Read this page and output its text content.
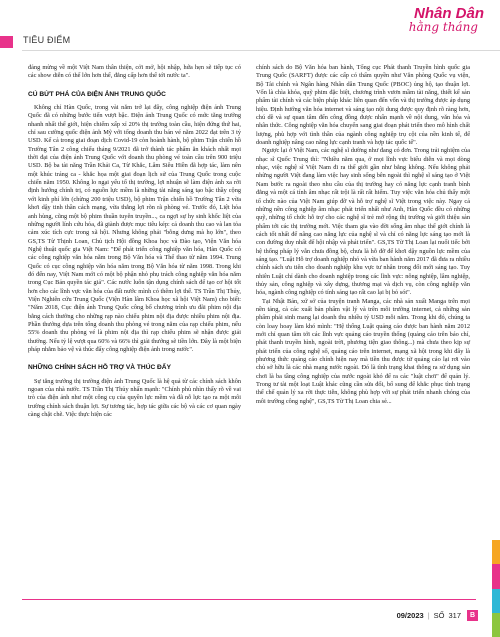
TIÊU ĐIỂM
Nhân Dân
hằng tháng

đảng mừng về một Việt Nam thân thiện, cởi mở, hội nhập, hứa hẹn sẽ tiếp tục có các show diễn có thể lớn hơn thế, đẳng cấp hơn thế tới nước ta".

CÚ BỨT PHÁ CỦA ĐIỆN ẢNH TRUNG QUỐC

Không chỉ Hàn Quốc, trong vài năm trở lại đây, công nghiệp điện ảnh Trung Quốc đã có những bước tiến vượt bậc. Điện ảnh Trung Quốc có mức tăng trưởng nhanh nhất thế giới, hiện chiếm xấp xỉ 20% thị trường toàn cầu, hiện đứng thứ hai, chỉ sau cường quốc điện ảnh Mỹ với tổng doanh thu bán vé năm 2022 đạt trên 3 tỷ USD. Kể cả trong giai đoạn dịch Covid-19 còn hoành hành, bộ phim Trận chiến hồ Trường Tân 2 công chiếu tháng 9/2021 đã trở thành tác phẩm ăn khách nhất mọi thời đại của điện ảnh Trung Quốc với doanh thu phòng vé toàn cầu trên 900 triệu USD. Bộ ba tài năng Trần Khải Ca, Từ Khắc, Lâm Siêu Hiền đã hợp tác, làm nên một khúc tráng ca - khắc họa một giai đoạn lịch sử của Trung Quốc trong cuộc chiến năm 1950. Không lo ngại yếu tố thị trường, lợi nhuận sẽ làm điện ảnh xa rời định hướng chính trị, có nguồn lực mềm là những tài năng sáng tạo bậc thầy cộng với kinh phí lớn (chừng 200 triệu USD), bộ phim Trận chiến hồ Trường Tân 2 vừa khơi dậy tinh thần cách mạng, vừa thắng lợi rõn rã phòng vé. Trước đó, Liệt hỏa anh hùng, cũng một bộ phim thuần tuyên truyền..., ca ngợi sự hy sinh khốc liệt của những người lính cứu hỏa, đã giành được mục tiêu kép: cả doanh thu cao và lan tỏa cảm xúc tích cực trong xã hội. Nhưng không phải "bỗng dưng mà họ lớn", theo GS,TS Từ Thịnh Loan, Chủ tịch Hội đồng Khoa học và Đào tạo, Viện Văn hóa Nghệ thuật quốc gia Việt Nam: "Để phát triển công nghiệp văn hóa, Hàn Quốc có các công nghiệp văn hóa năm trong Bộ Văn hóa và Thể thao từ năm 1994. Trung Quốc có cục công nghiệp văn hóa năm trong Bộ Văn hóa từ năm 1998. Trong khi đó đến nay, Việt Nam mới có một bộ phận nhỏ phụ trách công nghiệp văn hóa năm trong Cục Bản quyền tác giả". Các nước luôn tận dụng chính sách để tạo cơ hội tốt hơn cho các lĩnh vực văn hóa của đất nước mình có thêm lợi thế. TS Trần Thị Thủy, Viện Nghiên cứu Trung Quốc (Viện Hàn lâm Khoa học xã hội Việt Nam) cho biết: "Năm 2018, Cục điện ảnh Trung Quốc công bố chương trình ưu đãi phim nội địa bằng cách thưởng cho những rạp nào chiếu phim nội địa được nhiều phim nội địa. Phần thưởng dựa trên tổng doanh thu phòng vé trong năm của rạp chiếu phim, nếu 55% doanh thu phòng vé là phim nội địa thì rạp chiếu phim sẽ nhận được giải thưởng. Nếu tỷ lệ vượt qua 60% và 66% thì giải thưởng sẽ tiền lớn. Đây là một biện pháp nhằm bảo vệ và thúc đẩy công nghiệp điện ảnh trong nước".

NHỮNG CHÍNH SÁCH HỖ TRỢ VÀ THÚC ĐẨY

Sự tăng trưởng thị trường điện ảnh Trung Quốc là hệ quả từ các chính sách khôn ngoan của nhà nước. TS Trần Thị Thủy nhấn mạnh: "Chính phủ nhìn thấy rõ về vai trò của điện ảnh như một công cụ của quyền lực mềm và đã nỗ lực tạo ra một môi trường chính sách thuận lợi. Sự tương tác, hợp tác giữa các bộ và các cơ quan ngày càng chặt chẽ. Việc thực hiện các

chính sách do Bộ Văn hóa ban hành, Tổng cục Phát thanh Truyền hình quốc gia Trung Quốc (SARFT) được các cấp có thẩm quyền như Văn phòng Quốc vụ viện, Bộ Tài chính và Ngân hàng Nhân dân Trung Quốc (PBOC) ủng hộ, tạo thuận lợi. Vốn là chìa khóa, quỹ phim đặc biệt, chương trình vươn mầm tài năng, thiết kế sản phẩm tài chính và các biện pháp khác liên quan đến vốn và thị trường được áp dụng hiệu. Định hướng văn hóa internet và sáng tạo nội dung được quy định rõ ràng hơn, chú dề và sự quan tâm đến công đồng được nhấn mạnh về nội dung, văn hóa và nhân thức. Công nghiệp văn hóa chuyển sang giai đoạn phát triển theo mô hình chất lượng, phù hợp với tình thần của ngành công nghiệp trụ cột của nền kinh tế, để doanh nghiệp nâng cao năng lực cạnh tranh và hợp tác quốc tế".

Ngược lại ở Việt Nam, các nghệ sĩ dường như đang có đơn. Trong trải nghiệm của nhạc sĩ Quốc Trung thì: "Nhiều năm qua, ở mọi lĩnh vực biểu diễn và mọi dòng nhạc, việc nghệ sĩ Việt Nam đi ra thế giới gần như bằng không. Nếu không phải những người Việt đang làm việc hay sinh sống bên ngoài thì nghệ sĩ sáng tạo ở Việt Nam bước ra ngoài theo nhu cầu của thị trường hay có năng lực cạnh tranh bình đẳng và một cá tính âm nhạc rất trội là rất rất hiếm. Tuy việc văn hóa chủ thấy một tổ chức nào của Việt Nam giúp đỡ và hỗ trợ nghệ sĩ Việt trong việc này. Ngay cả những nền công nghiệp âm nhạc phát triển nhất như Anh, Hàn Quốc đều có những quỹ, những tổ chức hỗ trợ cho các nghệ sĩ trẻ mở rộng thị trường và giới thiệu sản phẩm tới các thị trường mới. Việc tham gia vào đời sống âm nhạc thế giới chính là cách tốt nhất để nâng cao năng lực của nghệ sĩ và chỉ có năng lực sáng tạo mới là con đường duy nhất để hội nhập và phát triển". GS,TS Từ Thị Loan lại nuối tiếc bởi hệ thống pháp lý vẫn chưa đồng bộ, chưa là hỗ đỡ để khơi dậy nguồn lực mềm của sáng tạo. "Luật Hỗ trợ doanh nghiệp nhỏ và vừa ban hành năm 2017 đã đưa ra nhiều chính sách ưu tiên cho doanh nghiệp khu vực tư nhân trong đổi mới sáng tạo. Tuy nhiên Luật chỉ dành cho doanh nghiệp trong các lĩnh vực: nông nghiệp, lâm nghiệp, thủy sản, công nghiệp và xây dựng, thương mại và dịch vụ, còn công nghiệp văn hóa, ngành công nghiệp có tính sáng tạo rất cao lại bị bỏ sót".

Tại Nhật Bản, xứ sở của truyện tranh Manga, các nhà sản xuất Manga trên mọi nền tảng, cả các xuất bản phẩm vật lý và trên môi trường internet, cả những sản phẩm phái sinh mang lại doanh thu nhiều tỷ USD mỗi năm. Trong khi đó, chúng ta còn loay hoay làm khó mình: "Hệ thống Luật quảng cáo được ban hành năm 2012 mới chỉ quan tâm tới các lĩnh vực quảng cáo truyền thống (quảng cáo trên báo chí, phát thanh truyền hình, ngoài trời, phương tiện giao thông...) mà chưa theo kịp sự phát triển của công nghệ số, quảng cáo trên internet, mạng xã hội trong khi đây là phương thức quảng cáo chính hiện nay mà tiền thu được từ quảng cáo lại rơi vào chủ sở hữu là các nhà mạng nước ngoài. Đó là tình trạng khai thông ra sử dụng sản chơi là ba tầng công nghiệp của nước ngoài khó để ra các "luật chơi" để quản lý. Trong tư tài một loạt Luật khác cũng cần sửa đổi, bổ sung để khắc phục tình trạng thế chế quản lý xa rời thực tiễn, không phù hợp với sự phát triển nhanh chóng của môi trường công nghệ", GS,TS Từ Thị Loan chia sẻ...

09/2023 | SỐ 317	B
